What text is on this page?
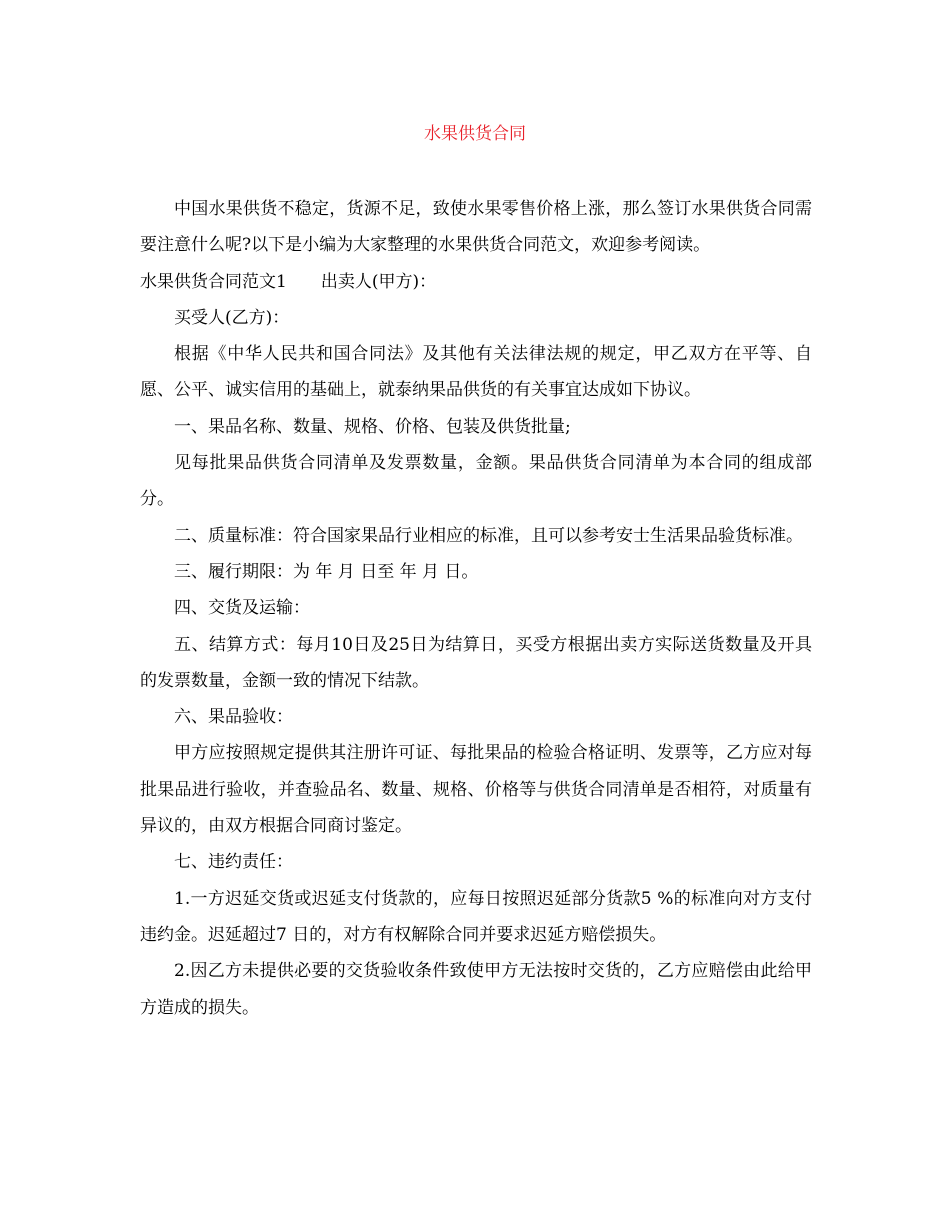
水果供货合同

中国水果供货不稳定，货源不足，致使水果零售价格上涨，那么签订水果供货合同需要注意什么呢?以下是小编为大家整理的水果供货合同范文，欢迎参考阅读。

水果供货合同范文1　　出卖人(甲方)：

买受人(乙方)：

根据《中华人民共和国合同法》及其他有关法律法规的规定，甲乙双方在平等、自愿、公平、诚实信用的基础上，就泰纳果品供货的有关事宜达成如下协议。

一、果品名称、数量、规格、价格、包装及供货批量;

见每批果品供货合同清单及发票数量，金额。果品供货合同清单为本合同的组成部分。

二、质量标准：符合国家果品行业相应的标准，且可以参考安士生活果品验货标准。

三、履行期限：为 年 月 日至 年 月 日。

四、交货及运输：

五、结算方式：每月10日及25日为结算日，买受方根据出卖方实际送货数量及开具的发票数量，金额一致的情况下结款。

六、果品验收：

甲方应按照规定提供其注册许可证、每批果品的检验合格证明、发票等，乙方应对每批果品进行验收，并查验品名、数量、规格、价格等与供货合同清单是否相符，对质量有异议的，由双方根据合同商讨鉴定。

七、违约责任：

1.一方迟延交货或迟延支付货款的，应每日按照迟延部分货款5 %的标准向对方支付违约金。迟延超过7 日的，对方有权解除合同并要求迟延方赔偿损失。

2.因乙方未提供必要的交货验收条件致使甲方无法按时交货的，乙方应赔偿由此给甲方造成的损失。
